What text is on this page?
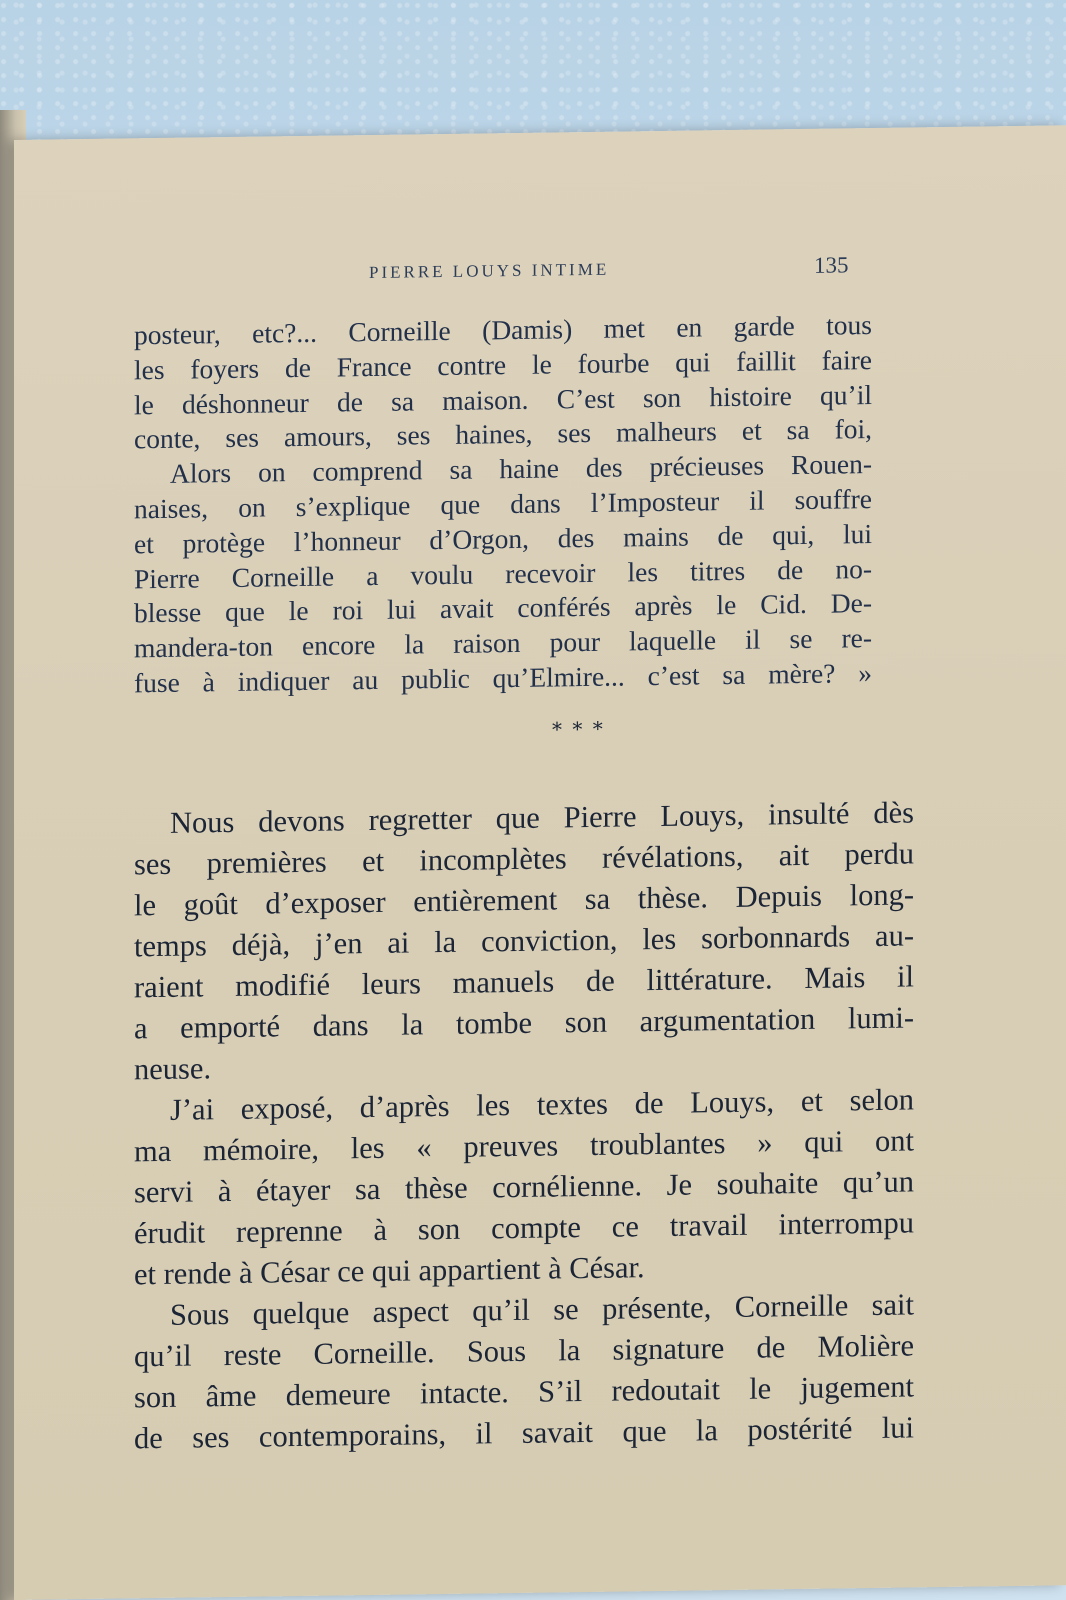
PIERRE LOUYS INTIME	135
posteur, etc?... Corneille (Damis) met en garde tous
les foyers de France contre le fourbe qui faillit faire
le déshonneur de sa maison. C’est son histoire qu’il
conte, ses amours, ses haines, ses malheurs et sa foi,
Alors on comprend sa haine des précieuses Rouen-
naises, on s’explique que dans l’Imposteur il souffre
et protège l’honneur d’Orgon, des mains de qui, lui
Pierre Corneille a voulu recevoir les titres de no-
blesse que le roi lui avait conférés après le Cid. De-
mandera-ton encore la raison pour laquelle il se re-
fuse à indiquer au public qu’Elmire... c’est sa mère? »
* * *
Nous devons regretter que Pierre Louys, insulté dès
ses premières et incomplètes révélations, ait perdu
le goût d’exposer entièrement sa thèse. Depuis long-
temps déjà, j’en ai la conviction, les sorbonnards au-
raient modifié leurs manuels de littérature. Mais il
a emporté dans la tombe son argumentation lumi-
neuse.
J’ai exposé, d’après les textes de Louys, et selon
ma mémoire, les « preuves troublantes » qui ont
servi à étayer sa thèse cornélienne. Je souhaite qu’un
érudit reprenne à son compte ce travail interrompu
et rende à César ce qui appartient à César.
Sous quelque aspect qu’il se présente, Corneille sait
qu’il reste Corneille. Sous la signature de Molière
son âme demeure intacte. S’il redoutait le jugement
de ses contemporains, il savait que la postérité lui
